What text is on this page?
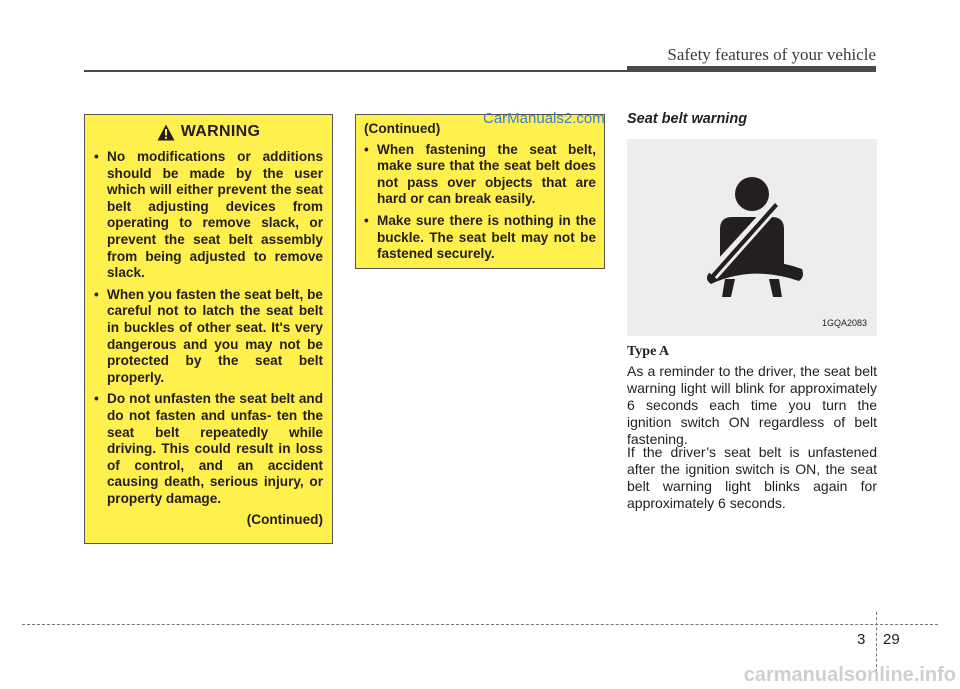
Safety features of your vehicle
WARNING
• No modifications or additions should be made by the user which will either prevent the seat belt adjusting devices from operating to remove slack, or prevent the seat belt assembly from being adjusted to remove slack.
• When you fasten the seat belt, be careful not to latch the seat belt in buckles of other seat. It's very dangerous and you may not be protected by the seat belt properly.
• Do not unfasten the seat belt and do not fasten and unfas- ten the seat belt repeatedly while driving. This could result in loss of control, and an accident causing death, serious injury, or property damage.
(Continued)
(Continued)
• When fastening the seat belt, make sure that the seat belt does not pass over objects that are hard or can break easily.
• Make sure there is nothing in the buckle. The seat belt may not be fastened securely.
CarManuals2.com Seat belt warning
1GQA2083
Type A

As a reminder to the driver, the seat belt warning light will blink for approximately 6 seconds each time you turn the ignition switch ON regardless of belt fastening.

If the driver’s seat belt is unfastened after the ignition switch is ON, the seat belt warning light blinks again for approximately 6 seconds.

3 29
carmanualsonline.info
